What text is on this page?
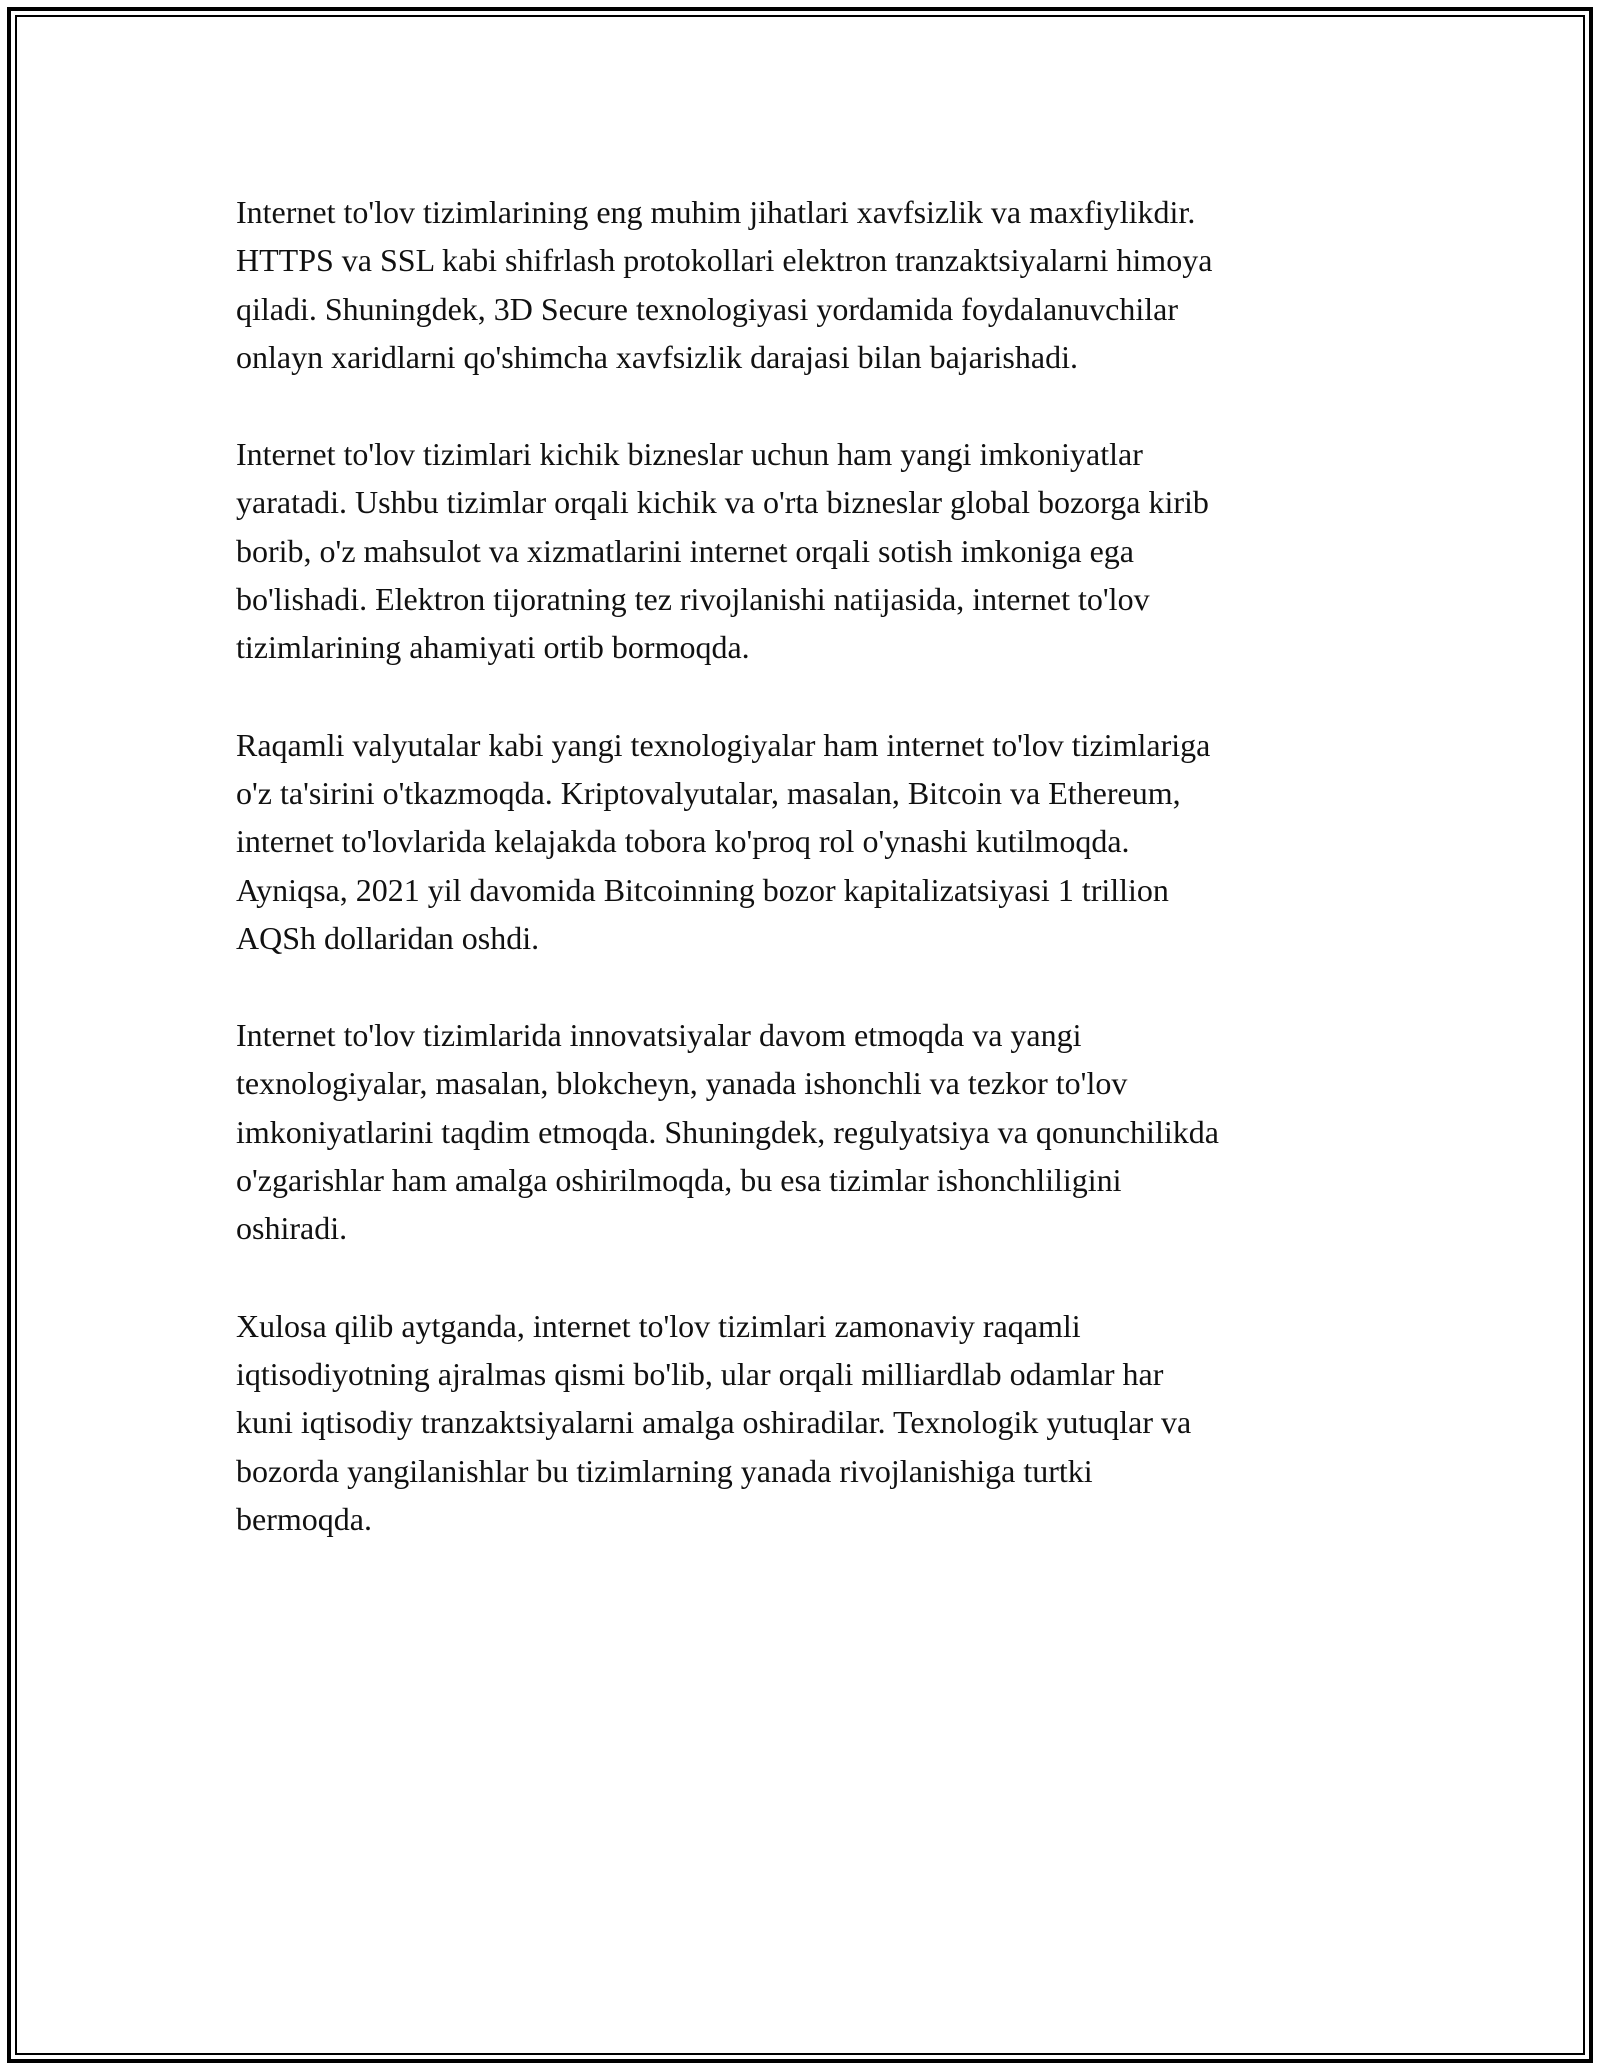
Internet to'lov tizimlarining eng muhim jihatlari xavfsizlik va maxfiylikdir.
HTTPS va SSL kabi shifrlash protokollari elektron tranzaktsiyalarni himoya
qiladi. Shuningdek, 3D Secure texnologiyasi yordamida foydalanuvchilar
onlayn xaridlarni qo'shimcha xavfsizlik darajasi bilan bajarishadi.

Internet to'lov tizimlari kichik bizneslar uchun ham yangi imkoniyatlar
yaratadi. Ushbu tizimlar orqali kichik va o'rta bizneslar global bozorga kirib
borib, o'z mahsulot va xizmatlarini internet orqali sotish imkoniga ega
bo'lishadi. Elektron tijoratning tez rivojlanishi natijasida, internet to'lov
tizimlarining ahamiyati ortib bormoqda.

Raqamli valyutalar kabi yangi texnologiyalar ham internet to'lov tizimlariga
o'z ta'sirini o'tkazmoqda. Kriptovalyutalar, masalan, Bitcoin va Ethereum,
internet to'lovlarida kelajakda tobora ko'proq rol o'ynashi kutilmoqda.
Ayniqsa, 2021 yil davomida Bitcoinning bozor kapitalizatsiyasi 1 trillion
AQSh dollaridan oshdi.

Internet to'lov tizimlarida innovatsiyalar davom etmoqda va yangi
texnologiyalar, masalan, blokcheyn, yanada ishonchli va tezkor to'lov
imkoniyatlarini taqdim etmoqda. Shuningdek, regulyatsiya va qonunchilikda
o'zgarishlar ham amalga oshirilmoqda, bu esa tizimlar ishonchliligini
oshiradi.

Xulosa qilib aytganda, internet to'lov tizimlari zamonaviy raqamli
iqtisodiyotning ajralmas qismi bo'lib, ular orqali milliardlab odamlar har
kuni iqtisodiy tranzaktsiyalarni amalga oshiradilar. Texnologik yutuqlar va
bozorda yangilanishlar bu tizimlarning yanada rivojlanishiga turtki
bermoqda.
